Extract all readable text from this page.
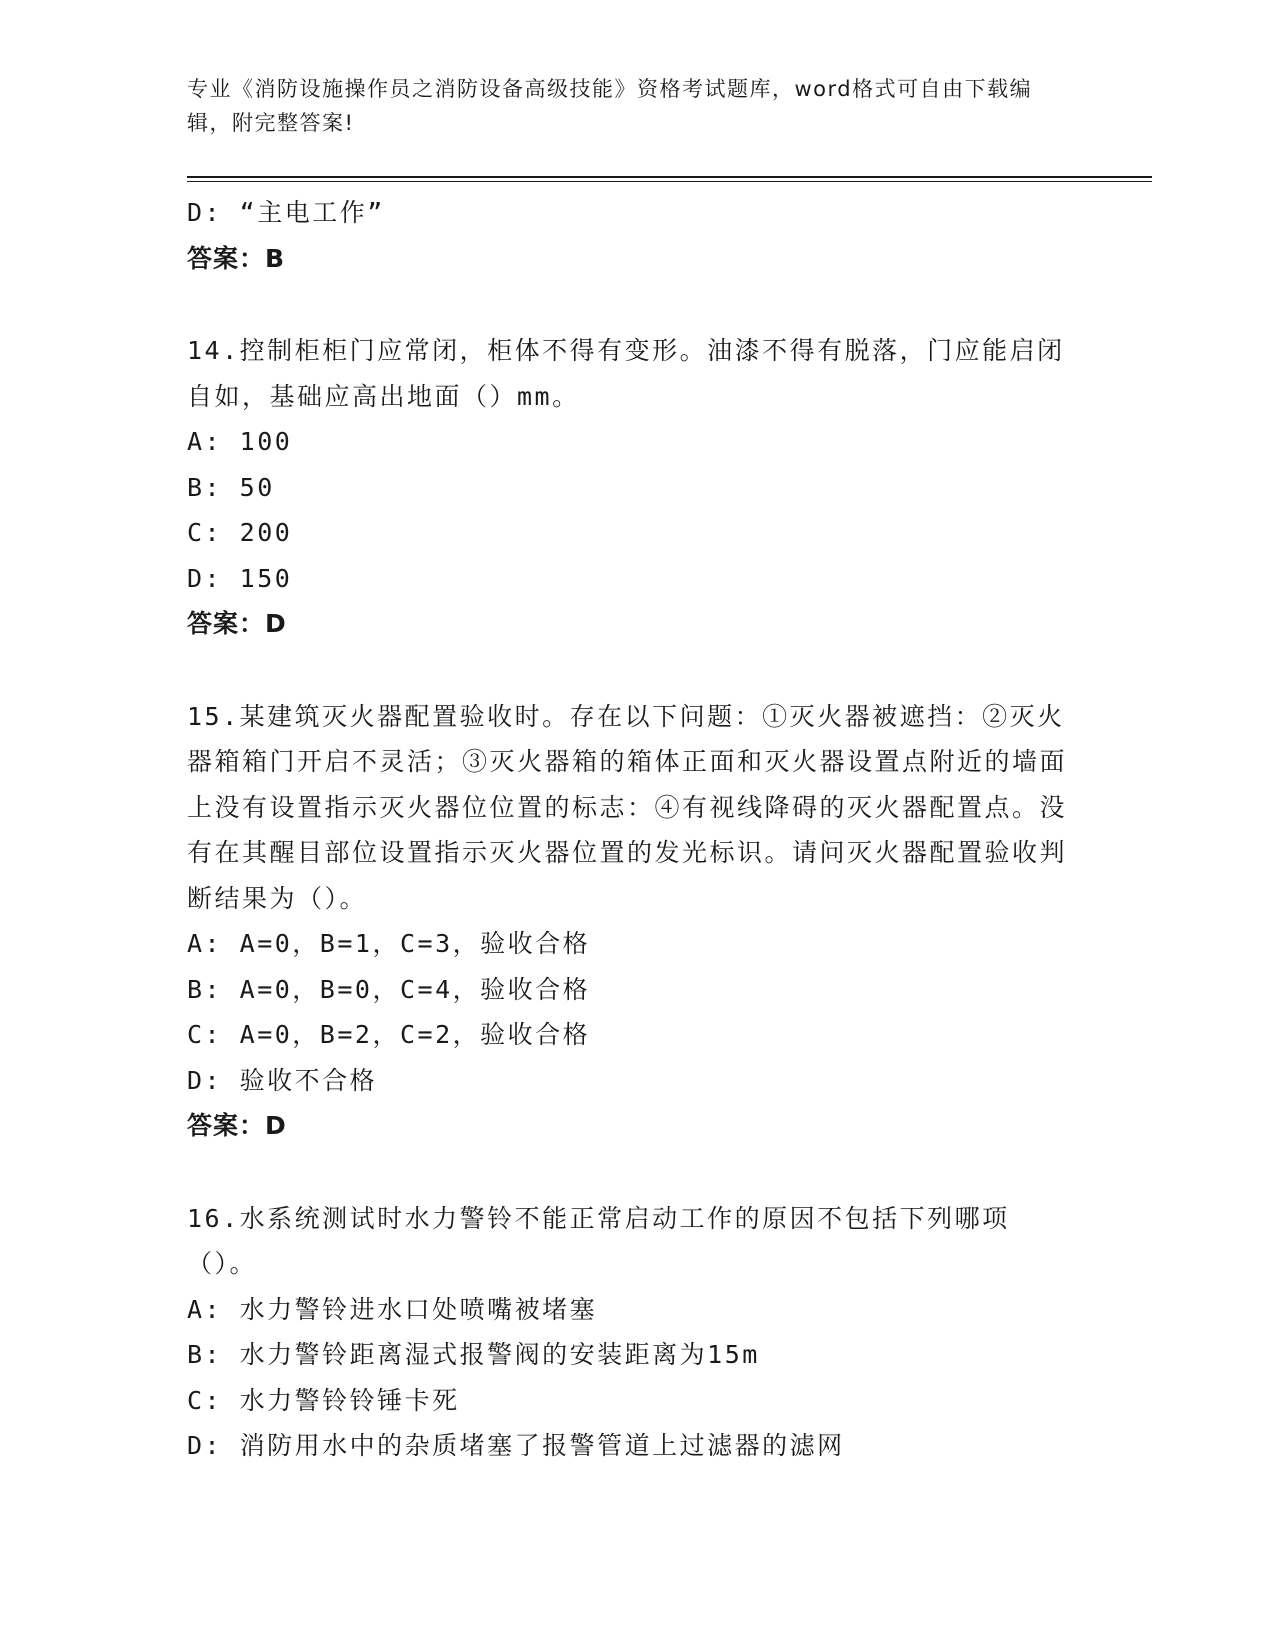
专业《消防设施操作员之消防设备高级技能》资格考试题库，word格式可自由下载编辑，附完整答案!
D: “主电工作”
答案：B
14.控制柜柜门应常闭，柜体不得有变形。油漆不得有脱落，门应能启闭自如，基础应高出地面（）mm。
A: 100
B: 50
C: 200
D: 150
答案：D
15.某建筑灭火器配置验收时。存在以下问题：①灭火器被遮挡：②灭火器箱箱门开启不灵活；③灭火器箱的箱体正面和灭火器设置点附近的墙面上没有设置指示灭火器位位置的标志：④有视线降碍的灭火器配置点。没有在其醒目部位设置指示灭火器位置的发光标识。请问灭火器配置验收判断结果为（）。
A: A=0，B=1，C=3，验收合格
B: A=0，B=0，C=4，验收合格
C: A=0，B=2，C=2，验收合格
D: 验收不合格
答案：D
16.水系统测试时水力警铃不能正常启动工作的原因不包括下列哪项（）。
A: 水力警铃进水口处喷嘴被堵塞
B: 水力警铃距离湿式报警阀的安装距离为15m
C: 水力警铃铃锤卡死
D: 消防用水中的杂质堵塞了报警管道上过滤器的滤网
